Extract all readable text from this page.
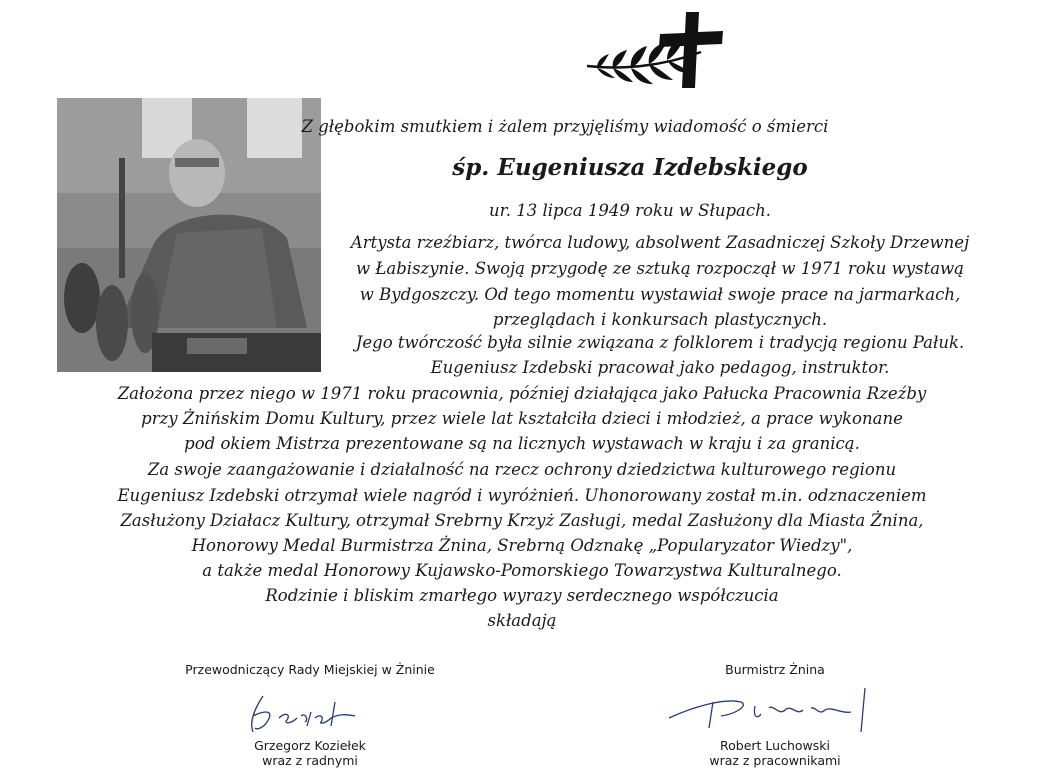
Z głębokim smutkiem i żalem przyjęliśmy wiadomość o śmierci
śp. Eugeniusza Izdebskiego
ur. 13 lipca 1949 roku w Słupach.
Artysta rzeźbiarz, twórca ludowy, absolwent Zasadniczej Szkoły Drzewnej
w Łabiszynie. Swoją przygodę ze sztuką rozpoczął w 1971 roku wystawą
w Bydgoszczy. Od tego momentu wystawiał swoje prace na jarmarkach,
przeglądach i konkursach plastycznych.
Jego twórczość była silnie związana z folklorem i tradycją regionu Pałuk.
Eugeniusz Izdebski pracował jako pedagog, instruktor.
Założona przez niego w 1971 roku pracownia, później działająca jako Pałucka Pracownia Rzeźby
przy Żnińskim Domu Kultury, przez wiele lat kształciła dzieci i młodzież, a prace wykonane
pod okiem Mistrza prezentowane są na licznych wystawach w kraju i za granicą.
Za swoje zaangażowanie i działalność na rzecz ochrony dziedzictwa kulturowego regionu
Eugeniusz Izdebski otrzymał wiele nagród i wyróżnień. Uhonorowany został m.in. odznaczeniem
Zasłużony Działacz Kultury, otrzymał Srebrny Krzyż Zasługi, medal Zasłużony dla Miasta Żnina,
Honorowy Medal Burmistrza Żnina, Srebrną Odznakę „Popularyzator Wiedzy",
a także medal Honorowy Kujawsko-Pomorskiego Towarzystwa Kulturalnego.
Rodzinie i bliskim zmarłego wyrazy serdecznego współczucia
składają
Przewodniczący Rady Miejskiej w Żninie
Grzegorz Koziełek
wraz z radnymi
Burmistrz Żnina
Robert Luchowski
wraz z pracownikami
